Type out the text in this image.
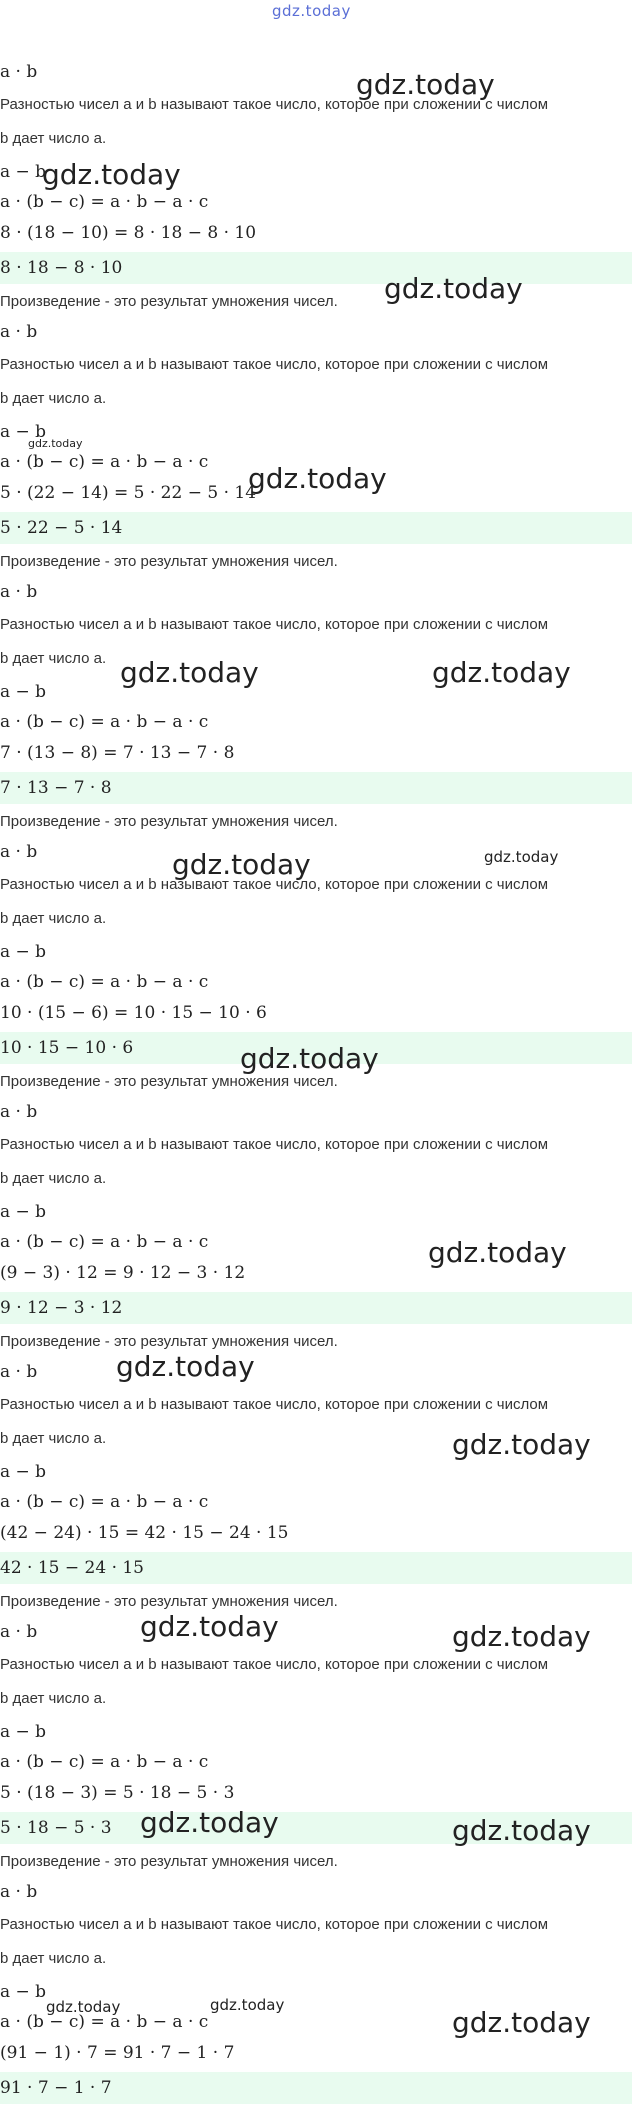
gdz.today
a · b
Разностью чисел a и b называют такое число, которое при сложении с числом
b дает число a.
a − b
a · (b − c) = a · b − a · c
8 · (18 − 10) = 8 · 18 − 8 · 10
8 · 18 − 8 · 10
Произведение - это результат умножения чисел.
a · b
Разностью чисел a и b называют такое число, которое при сложении с числом
b дает число a.
a − b
a · (b − c) = a · b − a · c
5 · (22 − 14) = 5 · 22 − 5 · 14
5 · 22 − 5 · 14
Произведение - это результат умножения чисел.
a · b
Разностью чисел a и b называют такое число, которое при сложении с числом
b дает число a.
a − b
a · (b − c) = a · b − a · c
7 · (13 − 8) = 7 · 13 − 7 · 8
7 · 13 − 7 · 8
Произведение - это результат умножения чисел.
a · b
Разностью чисел a и b называют такое число, которое при сложении с числом
b дает число a.
a − b
a · (b − c) = a · b − a · c
10 · (15 − 6) = 10 · 15 − 10 · 6
10 · 15 − 10 · 6
Произведение - это результат умножения чисел.
a · b
Разностью чисел a и b называют такое число, которое при сложении с числом
b дает число a.
a − b
a · (b − c) = a · b − a · c
(9 − 3) · 12 = 9 · 12 − 3 · 12
9 · 12 − 3 · 12
Произведение - это результат умножения чисел.
a · b
Разностью чисел a и b называют такое число, которое при сложении с числом
b дает число a.
a − b
a · (b − c) = a · b − a · c
(42 − 24) · 15 = 42 · 15 − 24 · 15
42 · 15 − 24 · 15
Произведение - это результат умножения чисел.
a · b
Разностью чисел a и b называют такое число, которое при сложении с числом
b дает число a.
a − b
a · (b − c) = a · b − a · c
5 · (18 − 3) = 5 · 18 − 5 · 3
5 · 18 − 5 · 3
Произведение - это результат умножения чисел.
a · b
Разностью чисел a и b называют такое число, которое при сложении с числом
b дает число a.
a − b
a · (b − c) = a · b − a · c
(91 − 1) · 7 = 91 · 7 − 1 · 7
91 · 7 − 1 · 7
gdz.today
gdz.today
gdz.today
gdz.today
gdz.today
gdz.today	gdz.today
gdz.today	gdz.today
gdz.today
gdz.today
gdz.today
gdz.today
gdz.today	gdz.today
gdz.today	gdz.today
gdz.today	gdz.today
gdz.today
